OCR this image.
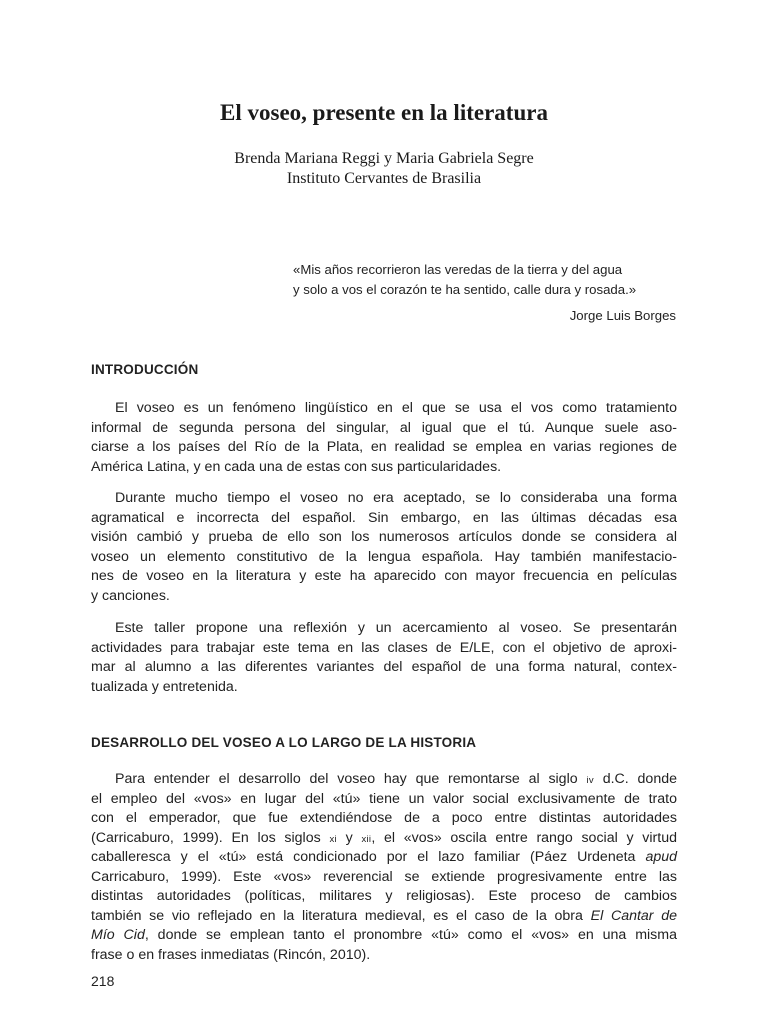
El voseo, presente en la literatura
Brenda Mariana Reggi y Maria Gabriela Segre
Instituto Cervantes de Brasilia
«Mis años recorrieron las veredas de la tierra y del agua
y solo a vos el corazón te ha sentido, calle dura y rosada.»
Jorge Luis Borges
INTRODUCCIÓN
El voseo es un fenómeno lingüístico en el que se usa el vos como tratamiento
informal de segunda persona del singular, al igual que el tú. Aunque suele aso-
ciarse a los países del Río de la Plata, en realidad se emplea en varias regiones de
América Latina, y en cada una de estas con sus particularidades.
Durante mucho tiempo el voseo no era aceptado, se lo consideraba una forma
agramatical e incorrecta del español. Sin embargo, en las últimas décadas esa
visión cambió y prueba de ello son los numerosos artículos donde se considera al
voseo un elemento constitutivo de la lengua española. Hay también manifestacio-
nes de voseo en la literatura y este ha aparecido con mayor frecuencia en películas
y canciones.
Este taller propone una reflexión y un acercamiento al voseo. Se presentarán
actividades para trabajar este tema en las clases de E/LE, con el objetivo de aproxi-
mar al alumno a las diferentes variantes del español de una forma natural, contex-
tualizada y entretenida.
DESARROLLO DEL VOSEO A LO LARGO DE LA HISTORIA
Para entender el desarrollo del voseo hay que remontarse al siglo iv d.C. donde
el empleo del «vos» en lugar del «tú» tiene un valor social exclusivamente de trato
con el emperador, que fue extendiéndose de a poco entre distintas autoridades
(Carricaburo, 1999). En los siglos xi y xii, el «vos» oscila entre rango social y virtud
caballeresca y el «tú» está condicionado por el lazo familiar (Páez Urdeneta apud
Carricaburo, 1999). Este «vos» reverencial se extiende progresivamente entre las
distintas autoridades (políticas, militares y religiosas). Este proceso de cambios
también se vio reflejado en la literatura medieval, es el caso de la obra El Cantar de
Mío Cid, donde se emplean tanto el pronombre «tú» como el «vos» en una misma
frase o en frases inmediatas (Rincón, 2010).
218
